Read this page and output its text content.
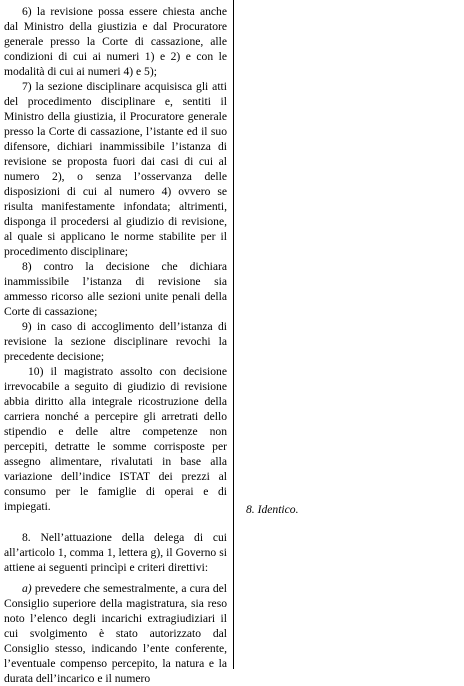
6) la revisione possa essere chiesta anche dal Ministro della giustizia e dal Procuratore generale presso la Corte di cassazione, alle condizioni di cui ai numeri 1) e 2) e con le modalità di cui ai numeri 4) e 5);

7) la sezione disciplinare acquisisca gli atti del procedimento disciplinare e, sentiti il Ministro della giustizia, il Procuratore generale presso la Corte di cassazione, l’istante ed il suo difensore, dichiari inammissibile l’istanza di revisione se proposta fuori dai casi di cui al numero 2), o senza l’osservanza delle disposizioni di cui al numero 4) ovvero se risulta manifestamente infondata; altrimenti, disponga il procedersi al giudizio di revisione, al quale si applicano le norme stabilite per il procedimento disciplinare;

8) contro la decisione che dichiara inammissibile l’istanza di revisione sia ammesso ricorso alle sezioni unite penali della Corte di cassazione;

9) in caso di accoglimento dell’istanza di revisione la sezione disciplinare revochi la precedente decisione;

10) il magistrato assolto con decisione irrevocabile a seguito di giudizio di revisione abbia diritto alla integrale ricostruzione della carriera nonché a percepire gli arretrati dello stipendio e delle altre competenze non percepiti, detratte le somme corrisposte per assegno alimentare, rivalutati in base alla variazione dell’indice ISTAT dei prezzi al consumo per le famiglie di operai e di impiegati.

8. Nell’attuazione della delega di cui all’articolo 1, comma 1, lettera g), il Governo si attiene ai seguenti princìpi e criteri direttivi:

a) prevedere che semestralmente, a cura del Consiglio superiore della magistratura, sia reso noto l’elenco degli incarichi extragiudiziari il cui svolgimento è stato autorizzato dal Consiglio stesso, indicando l’ente conferente, l’eventuale compenso percepito, la natura e la durata dell’incarico e il numero

8. Identico.
